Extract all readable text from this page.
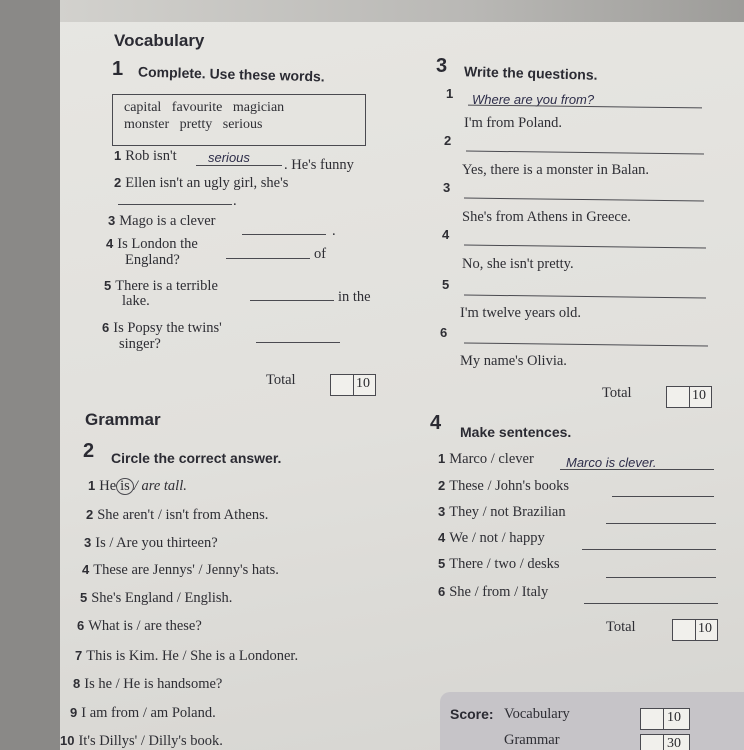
Vocabulary
1 Complete. Use these words.
capital   favourite   magician
monster   pretty   serious
1 Rob isn't serious . He's funny
2 Ellen isn't an ugly girl, she's
.
3 Mago is a clever
.
4 Is London the
of
England?
5 There is a terrible
in the
lake.
6 Is Popsy the twins'
singer?
Total	10
Grammar
2 Circle the correct answer.
1 He is / are tall.
2 She aren't / isn't from Athens.
3 Is / Are you thirteen?
4 These are Jennys' / Jenny's hats.
5 She's England / English.
6 What is / are these?
7 This is Kim. He / She is a Londoner.
8 Is he / He is handsome?
9 I am from / am Poland.
10 It's Dillys' / Dilly's book.
3 Write the questions.
1	Where are you from?
I'm from Poland.
2
Yes, there is a monster in Balan.
3
She's from Athens in Greece.
4
No, she isn't pretty.
5
I'm twelve years old.
6
My name's Olivia.
Total	10
4 Make sentences.
1 Marco / clever Marco is clever.
2 These / John's books
3 They / not Brazilian
4 We / not / happy
5 There / two / desks
6 She / from / Italy
Total	10
Score: Vocabulary	10
Grammar	30
